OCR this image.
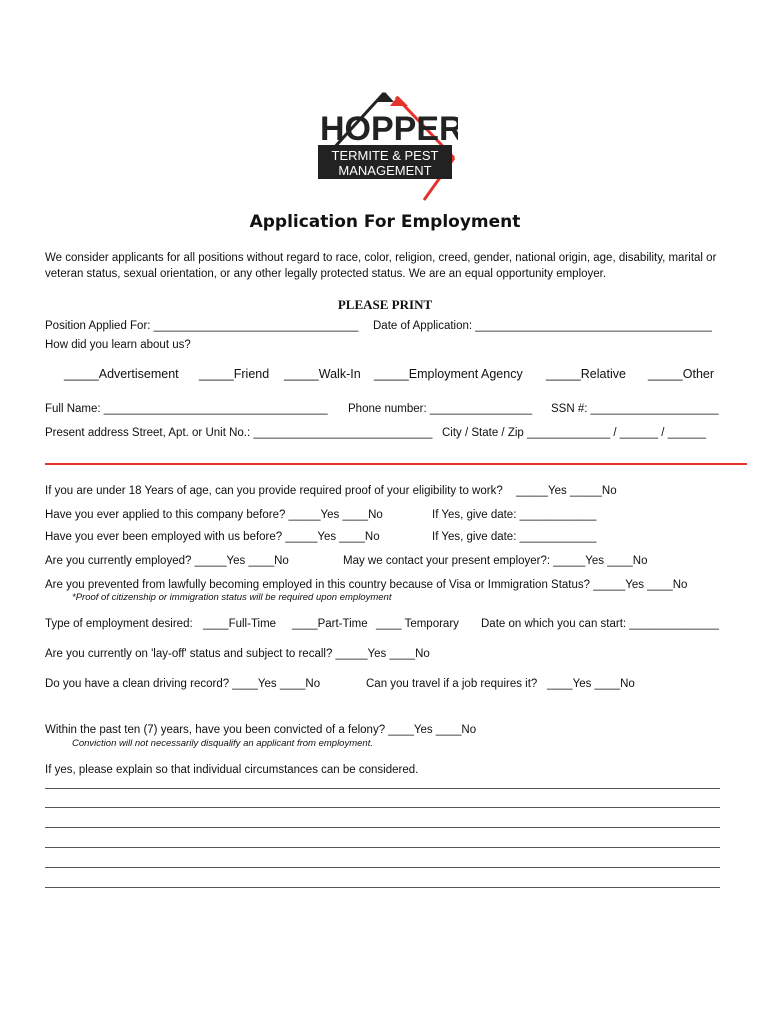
HOPPER
TERMITE & PEST
MANAGEMENT
Application For Employment
We consider applicants for all positions without regard to race, color, religion, creed, gender, national origin, age, disability, marital or veteran status, sexual orientation, or any other legally protected status. We are an equal opportunity employer.
PLEASE PRINT
Position Applied For: ________________________________ Date of Application: _____________________________________
How did you learn about us?
_____Advertisement _____Friend _____Walk-In _____Employment Agency _____Relative _____Other
Full Name: ___________________________________ Phone number: ________________ SSN #: ____________________
Present address Street, Apt. or Unit No.: ____________________________ City / State / Zip _____________ / ______ / ______
If you are under 18 Years of age, can you provide required proof of your eligibility to work? _____Yes _____No
Have you ever applied to this company before? _____Yes ____No	If Yes, give date: ____________
Have you ever been employed with us before? _____Yes ____No	If Yes, give date: ____________
Are you currently employed? _____Yes ____No	May we contact your present employer?: _____Yes ____No
Are you prevented from lawfully becoming employed in this country because of Visa or Immigration Status? _____Yes ____No
*Proof of citizenship or immigration status will be required upon employment
Type of employment desired: ____Full-Time ____Part-Time ____ Temporary Date on which you can start: ______________
Are you currently on 'lay-off' status and subject to recall? _____Yes ____No
Do you have a clean driving record? ____Yes ____No	Can you travel if a job requires it? ____Yes ____No
Within the past ten (7) years, have you been convicted of a felony? ____Yes ____No
Conviction will not necessarily disqualify an applicant from employment.
If yes, please explain so that individual circumstances can be considered.
